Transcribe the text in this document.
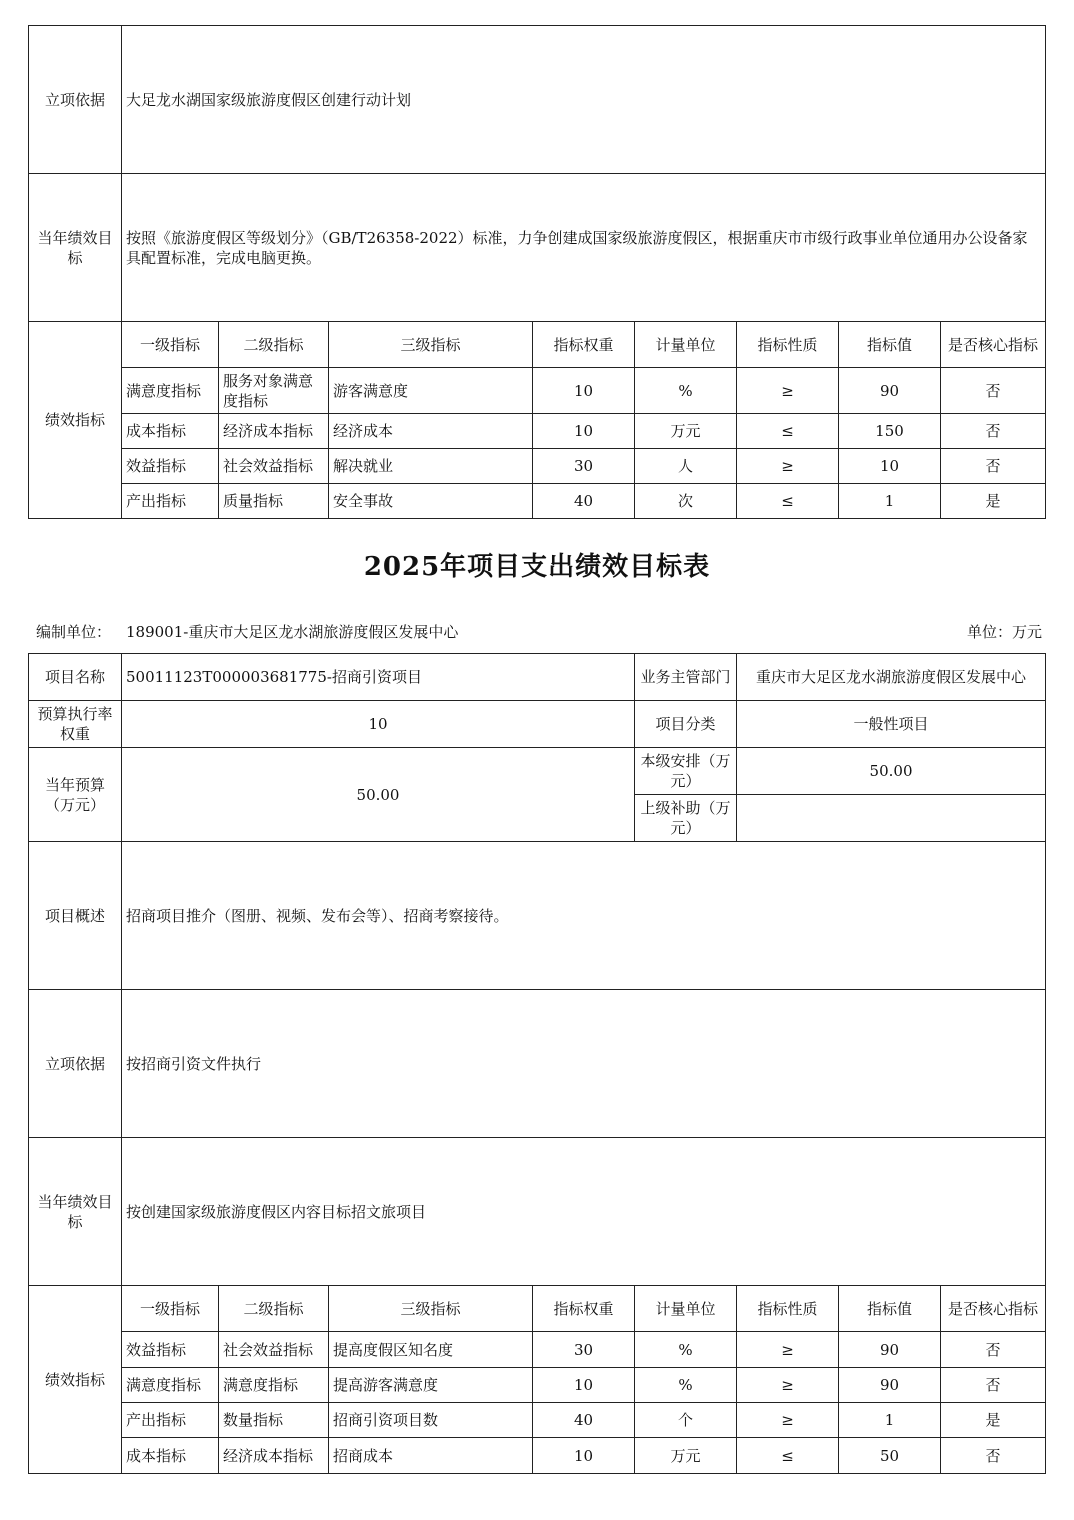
立项依据	大足龙水湖国家级旅游度假区创建行动计划							
当年绩效目标	按照《旅游度假区等级划分》（GB/T26358-2022）标准，力争创建成国家级旅游度假区，根据重庆市市级行政事业单位通用办公设备家具配置标准，完成电脑更换。							
绩效指标	一级指标	二级指标	三级指标	指标权重	计量单位	指标性质	指标值	是否核心指标
	满意度指标	服务对象满意度指标	游客满意度	10	%	≥	90	否
	成本指标	经济成本指标	经济成本	10	万元	≤	150	否
	效益指标	社会效益指标	解决就业	30	人	≥	10	否
	产出指标	质量指标	安全事故	40	次	≤	1	是
2025年项目支出绩效目标表
编制单位： 189001-重庆市大足区龙水湖旅游度假区发展中心	单位：万元
项目名称	50011123T000003681775-招商引资项目				业务主管部门	重庆市大足区龙水湖旅游度假区发展中心		
预算执行率权重	10				项目分类	一般性项目		
当年预算（万元）	50.00				本级安排（万元）	50.00		
					上级补助（万元）			
项目概述	招商项目推介（图册、视频、发布会等）、招商考察接待。							
立项依据	按招商引资文件执行							
当年绩效目标	按创建国家级旅游度假区内容目标招文旅项目							
绩效指标	一级指标	二级指标	三级指标	指标权重	计量单位	指标性质	指标值	是否核心指标
	效益指标	社会效益指标	提高度假区知名度	30	%	≥	90	否
	满意度指标	满意度指标	提高游客满意度	10	%	≥	90	否
	产出指标	数量指标	招商引资项目数	40	个	≥	1	是
	成本指标	经济成本指标	招商成本	10	万元	≤	50	否
